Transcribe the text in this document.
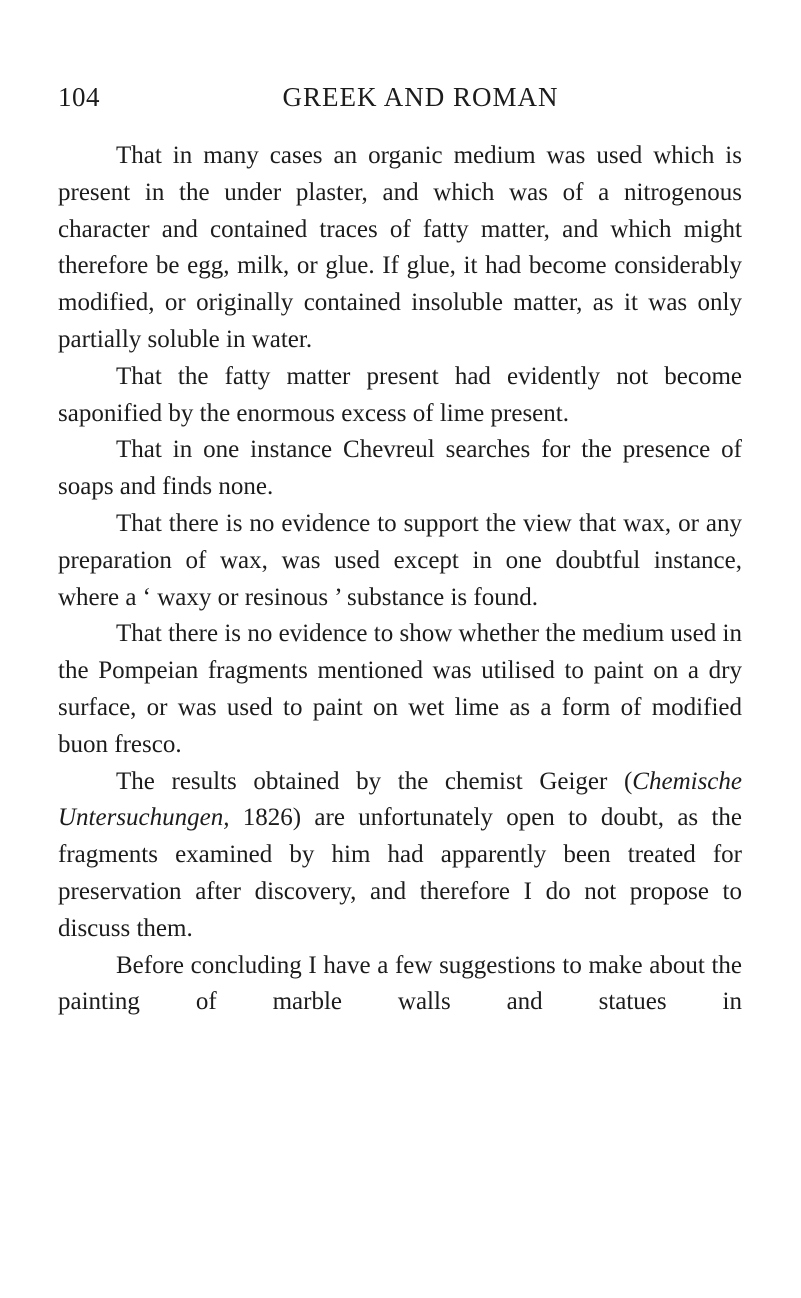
104	GREEK AND ROMAN

That in many cases an organic medium was used which is present in the under plaster, and which was of a nitrogenous character and contained traces of fatty matter, and which might therefore be egg, milk, or glue. If glue, it had become considerably modified, or originally contained insoluble matter, as it was only partially soluble in water.

That the fatty matter present had evidently not become saponified by the enormous excess of lime present.

That in one instance Chevreul searches for the presence of soaps and finds none.

That there is no evidence to support the view that wax, or any preparation of wax, was used except in one doubtful instance, where a ‘ waxy or resinous ’ substance is found.

That there is no evidence to show whether the medium used in the Pompeian fragments mentioned was utilised to paint on a dry surface, or was used to paint on wet lime as a form of modified buon fresco.

The results obtained by the chemist Geiger (Chemische Untersuchungen, 1826) are unfortunately open to doubt, as the fragments examined by him had apparently been treated for preservation after discovery, and therefore I do not propose to discuss them.

Before concluding I have a few suggestions to make about the painting of marble walls and statues in
